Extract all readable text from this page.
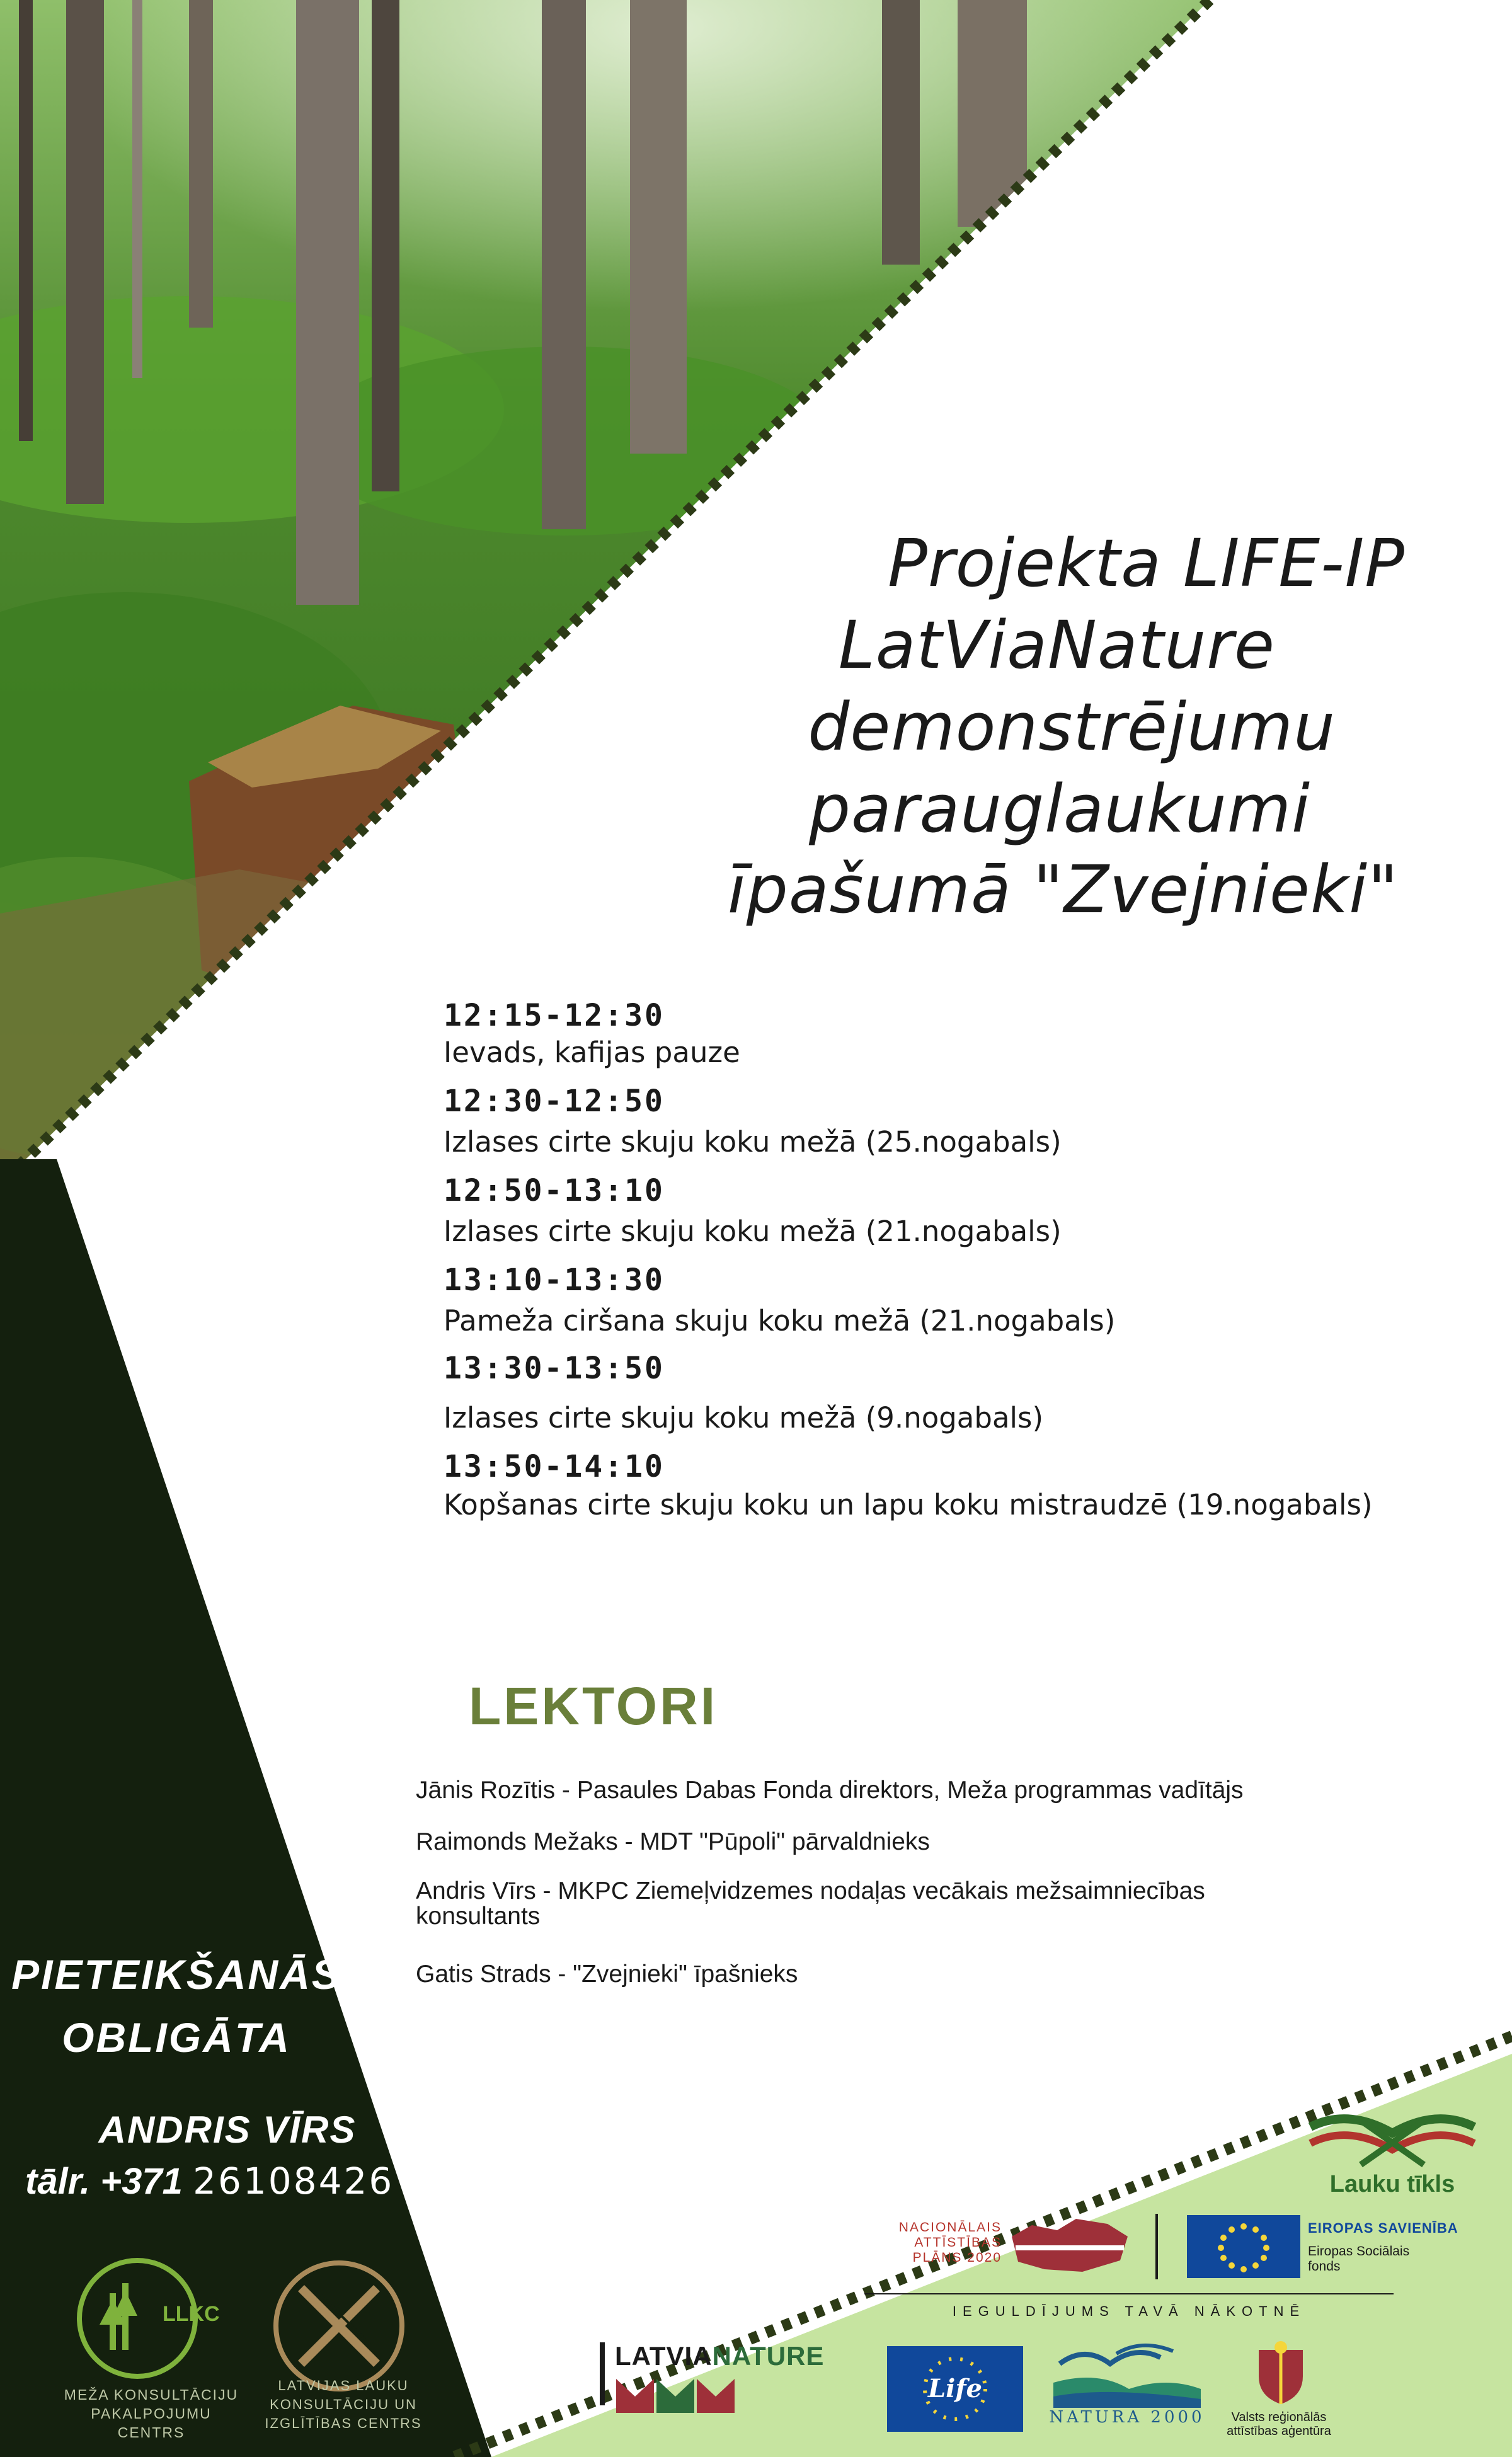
Projekta LIFE-IP
LatViaNature
demonstrējumu
parauglaukumi
īpašumā "Zvejnieki"
12:15-12:30
Ievads, kafijas pauze
12:30-12:50
Izlases cirte skuju koku mežā (25.nogabals)
12:50-13:10
Izlases cirte skuju koku mežā (21.nogabals)
13:10-13:30
Pameža ciršana skuju koku mežā (21.nogabals)
13:30-13:50
Izlases cirte skuju koku mežā (9.nogabals)
13:50-14:10
Kopšanas cirte skuju koku un lapu koku mistraudzē (19.nogabals)
LEKTORI
Jānis Rozītis - Pasaules Dabas Fonda direktors, Meža programmas vadītājs
Raimonds Mežaks - MDT "Pūpoli" pārvaldnieks
Andris Vīrs - MKPC Ziemeļvidzemes nodaļas vecākais mežsaimniecības konsultants
Gatis Strads - "Zvejnieki" īpašnieks
PIETEIKŠANĀS
OBLIGĀTA
ANDRIS VĪRS
tālr. +371 26108426
LLKC
MEŽA KONSULTĀCIJU
PAKALPOJUMU CENTRS
LATVIJAS LAUKU
KONSULTĀCIJU UN
IZGLĪTĪBAS CENTRS
Lauku tīkls
NACIONĀLAIS
ATTĪSTĪBAS
PLĀNS 2020
EIROPAS SAVIENĪBA
Eiropas Sociālais
fonds
IEGULDĪJUMS TAVĀ NĀKOTNĒ
LATVIANATURE
Life
NATURA 2000	Valsts reģionālās
attīstības aģentūra
